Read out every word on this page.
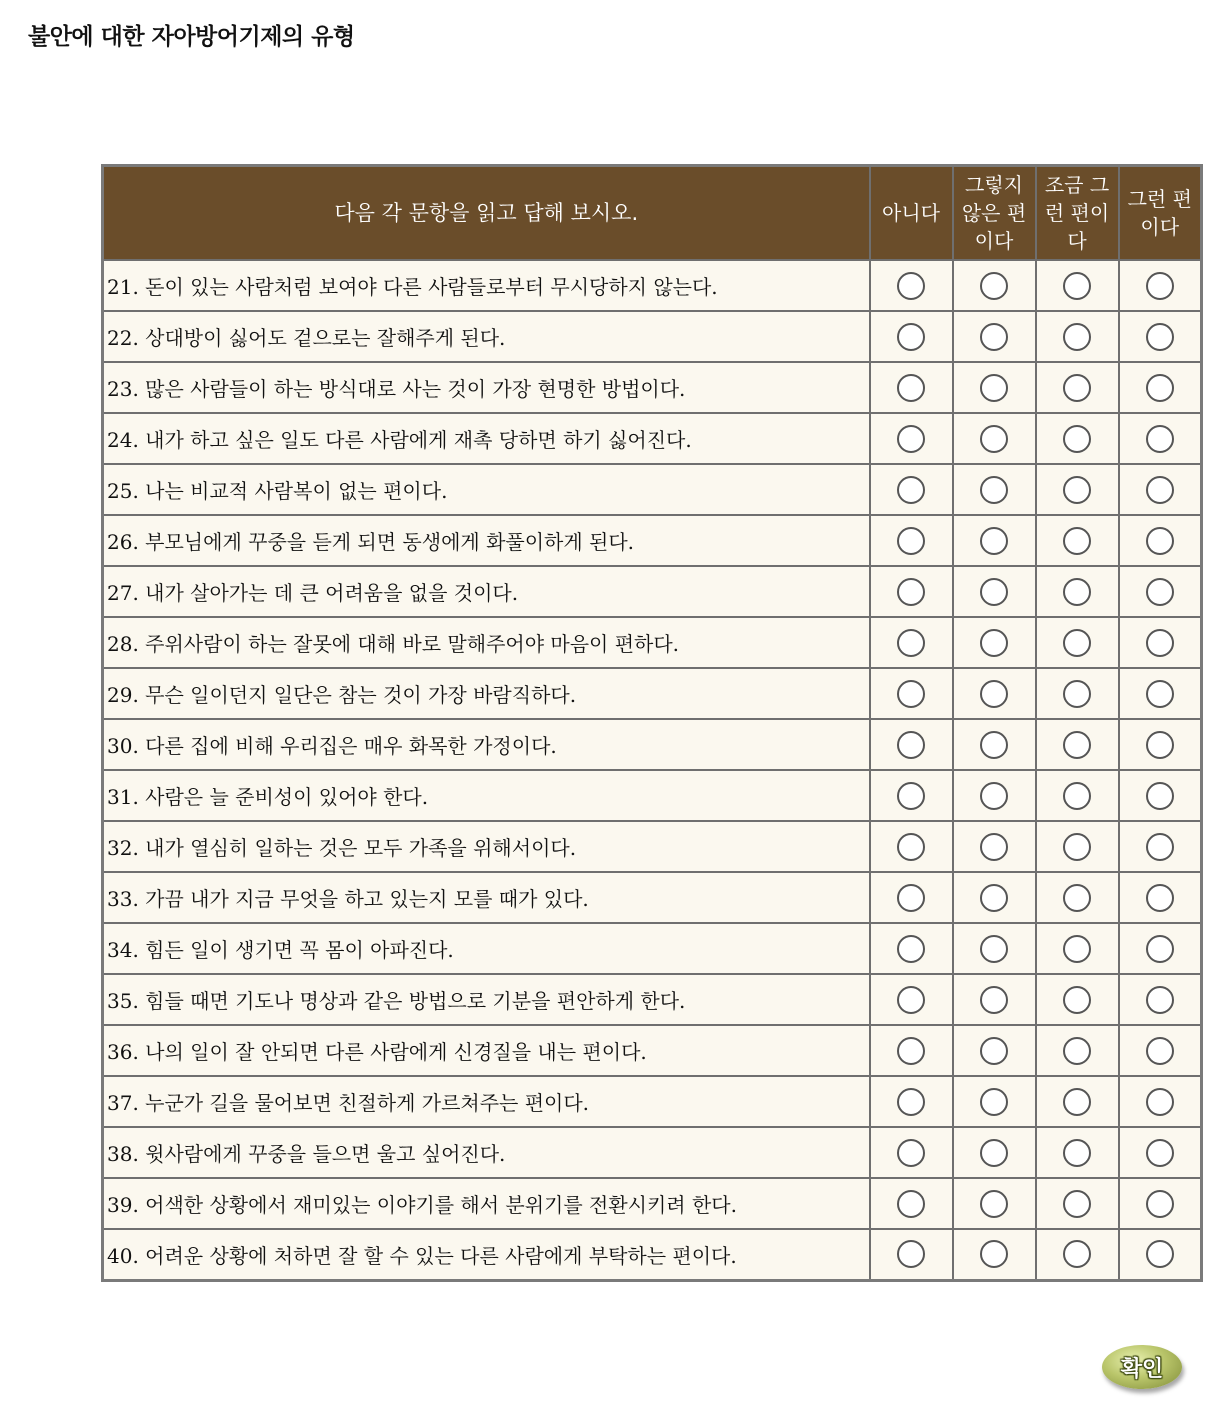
불안에 대한 자아방어기제의 유형
다음 각 문항을 읽고 답해 보시오.	아니다	그렇지 않은 편이다	조금 그런 편이다	그런 편이다
21. 돈이 있는 사람처럼 보여야 다른 사람들로부터 무시당하지 않는다.				
22. 상대방이 싫어도 겉으로는 잘해주게 된다.				
23. 많은 사람들이 하는 방식대로 사는 것이 가장 현명한 방법이다.				
24. 내가 하고 싶은 일도 다른 사람에게 재촉 당하면 하기 싫어진다.				
25. 나는 비교적 사람복이 없는 편이다.				
26. 부모님에게 꾸중을 듣게 되면 동생에게 화풀이하게 된다.				
27. 내가 살아가는 데 큰 어려움을 없을 것이다.				
28. 주위사람이 하는 잘못에 대해 바로 말해주어야 마음이 편하다.				
29. 무슨 일이던지 일단은 참는 것이 가장 바람직하다.				
30. 다른 집에 비해 우리집은 매우 화목한 가정이다.				
31. 사람은 늘 준비성이 있어야 한다.				
32. 내가 열심히 일하는 것은 모두 가족을 위해서이다.				
33. 가끔 내가 지금 무엇을 하고 있는지 모를 때가 있다.				
34. 힘든 일이 생기면 꼭 몸이 아파진다.				
35. 힘들 때면 기도나 명상과 같은 방법으로 기분을 편안하게 한다.				
36. 나의 일이 잘 안되면 다른 사람에게 신경질을 내는 편이다.				
37. 누군가 길을 물어보면 친절하게 가르쳐주는 편이다.				
38. 윗사람에게 꾸중을 들으면 울고 싶어진다.				
39. 어색한 상황에서 재미있는 이야기를 해서 분위기를 전환시키려 한다.				
40. 어려운 상황에 처하면 잘 할 수 있는 다른 사람에게 부탁하는 편이다.				
확인
